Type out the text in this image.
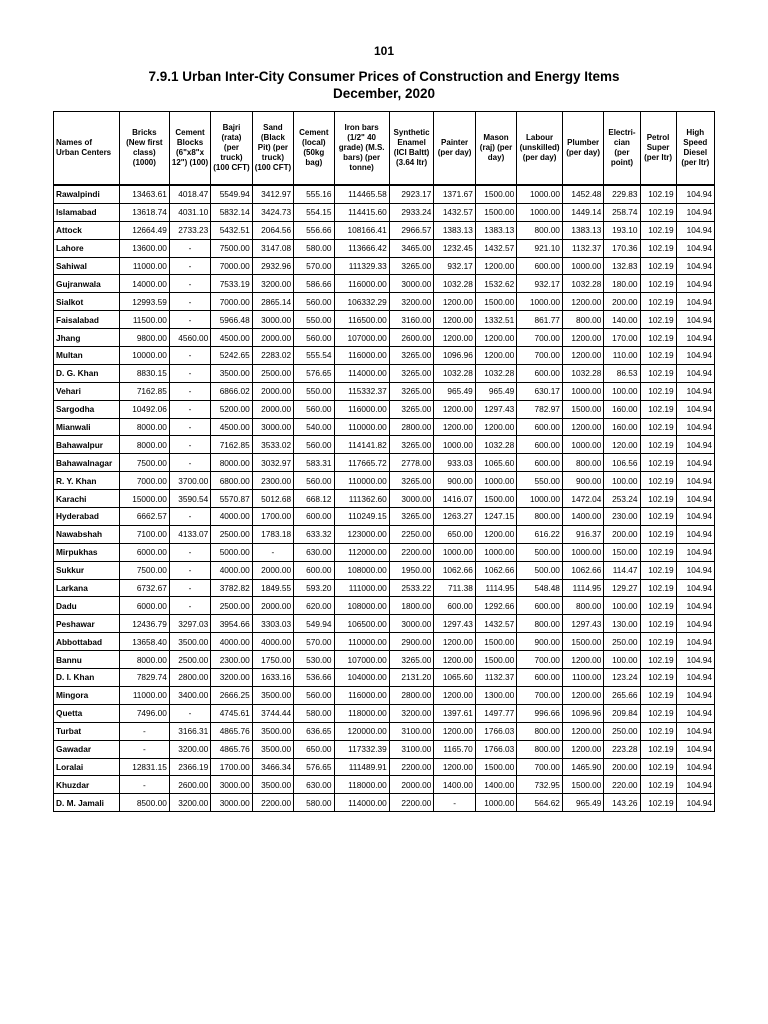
101
7.9.1 Urban Inter-City Consumer Prices of Construction and Energy Items
December, 2020
Names of Urban Centers	Bricks (New first class) (1000)	Cement Blocks (6"x8"x 12") (100)	Bajri (rata) (per truck) (100 CFT)	Sand (Black Pit) (per truck) (100 CFT)	Cement (local) (50kg bag)	Iron bars (1/2" 40 grade) (M.S. bars) (per tonne)	Synthetic Enamel (ICI Baltt) (3.64 ltr)	Painter (per day)	Mason (raj) (per day)	Labour (unskilled) (per day)	Plumber (per day)	Electri-cian (per point)	Petrol Super (per ltr)	High Speed Diesel (per ltr)
Rawalpindi	13463.61	4018.47	5549.94	3412.97	555.16	114465.58	2923.17	1371.67	1500.00	1000.00	1452.48	229.83	102.19	104.94
Islamabad	13618.74	4031.10	5832.14	3424.73	554.15	114415.60	2933.24	1432.57	1500.00	1000.00	1449.14	258.74	102.19	104.94
Attock	12664.49	2733.23	5432.51	2064.56	556.66	108166.41	2966.57	1383.13	1383.13	800.00	1383.13	193.10	102.19	104.94
Lahore	13600.00	-	7500.00	3147.08	580.00	113666.42	3465.00	1232.45	1432.57	921.10	1132.37	170.36	102.19	104.94
Sahiwal	11000.00	-	7000.00	2932.96	570.00	111329.33	3265.00	932.17	1200.00	600.00	1000.00	132.83	102.19	104.94
Gujranwala	14000.00	-	7533.19	3200.00	586.66	116000.00	3000.00	1032.28	1532.62	932.17	1032.28	180.00	102.19	104.94
Sialkot	12993.59	-	7000.00	2865.14	560.00	106332.29	3200.00	1200.00	1500.00	1000.00	1200.00	200.00	102.19	104.94
Faisalabad	11500.00	-	5966.48	3000.00	550.00	116500.00	3160.00	1200.00	1332.51	861.77	800.00	140.00	102.19	104.94
Jhang	9800.00	4560.00	4500.00	2000.00	560.00	107000.00	2600.00	1200.00	1200.00	700.00	1200.00	170.00	102.19	104.94
Multan	10000.00	-	5242.65	2283.02	555.54	116000.00	3265.00	1096.96	1200.00	700.00	1200.00	110.00	102.19	104.94
D. G. Khan	8830.15	-	3500.00	2500.00	576.65	114000.00	3265.00	1032.28	1032.28	600.00	1032.28	86.53	102.19	104.94
Vehari	7162.85	-	6866.02	2000.00	550.00	115332.37	3265.00	965.49	965.49	630.17	1000.00	100.00	102.19	104.94
Sargodha	10492.06	-	5200.00	2000.00	560.00	116000.00	3265.00	1200.00	1297.43	782.97	1500.00	160.00	102.19	104.94
Mianwali	8000.00	-	4500.00	3000.00	540.00	110000.00	2800.00	1200.00	1200.00	600.00	1200.00	160.00	102.19	104.94
Bahawalpur	8000.00	-	7162.85	3533.02	560.00	114141.82	3265.00	1000.00	1032.28	600.00	1000.00	120.00	102.19	104.94
Bahawalnagar	7500.00	-	8000.00	3032.97	583.31	117665.72	2778.00	933.03	1065.60	600.00	800.00	106.56	102.19	104.94
R. Y. Khan	7000.00	3700.00	6800.00	2300.00	560.00	110000.00	3265.00	900.00	1000.00	550.00	900.00	100.00	102.19	104.94
Karachi	15000.00	3590.54	5570.87	5012.68	668.12	111362.60	3000.00	1416.07	1500.00	1000.00	1472.04	253.24	102.19	104.94
Hyderabad	6662.57	-	4000.00	1700.00	600.00	110249.15	3265.00	1263.27	1247.15	800.00	1400.00	230.00	102.19	104.94
Nawabshah	7100.00	4133.07	2500.00	1783.18	633.32	123000.00	2250.00	650.00	1200.00	616.22	916.37	200.00	102.19	104.94
Mirpukhas	6000.00	-	5000.00	-	630.00	112000.00	2200.00	1000.00	1000.00	500.00	1000.00	150.00	102.19	104.94
Sukkur	7500.00	-	4000.00	2000.00	600.00	108000.00	1950.00	1062.66	1062.66	500.00	1062.66	114.47	102.19	104.94
Larkana	6732.67	-	3782.82	1849.55	593.20	111000.00	2533.22	711.38	1114.95	548.48	1114.95	129.27	102.19	104.94
Dadu	6000.00	-	2500.00	2000.00	620.00	108000.00	1800.00	600.00	1292.66	600.00	800.00	100.00	102.19	104.94
Peshawar	12436.79	3297.03	3954.66	3303.03	549.94	106500.00	3000.00	1297.43	1432.57	800.00	1297.43	130.00	102.19	104.94
Abbottabad	13658.40	3500.00	4000.00	4000.00	570.00	110000.00	2900.00	1200.00	1500.00	900.00	1500.00	250.00	102.19	104.94
Bannu	8000.00	2500.00	2300.00	1750.00	530.00	107000.00	3265.00	1200.00	1500.00	700.00	1200.00	100.00	102.19	104.94
D. I. Khan	7829.74	2800.00	3200.00	1633.16	536.66	104000.00	2131.20	1065.60	1132.37	600.00	1100.00	123.24	102.19	104.94
Mingora	11000.00	3400.00	2666.25	3500.00	560.00	116000.00	2800.00	1200.00	1300.00	700.00	1200.00	265.66	102.19	104.94
Quetta	7496.00	-	4745.61	3744.44	580.00	118000.00	3200.00	1397.61	1497.77	996.66	1096.96	209.84	102.19	104.94
Turbat	-	3166.31	4865.76	3500.00	636.65	120000.00	3100.00	1200.00	1766.03	800.00	1200.00	250.00	102.19	104.94
Gawadar	-	3200.00	4865.76	3500.00	650.00	117332.39	3100.00	1165.70	1766.03	800.00	1200.00	223.28	102.19	104.94
Loralai	12831.15	2366.19	1700.00	3466.34	576.65	111489.91	2200.00	1200.00	1500.00	700.00	1465.90	200.00	102.19	104.94
Khuzdar	-	2600.00	3000.00	3500.00	630.00	118000.00	2000.00	1400.00	1400.00	732.95	1500.00	220.00	102.19	104.94
D. M. Jamali	8500.00	3200.00	3000.00	2200.00	580.00	114000.00	2200.00	-	1000.00	564.62	965.49	143.26	102.19	104.94
